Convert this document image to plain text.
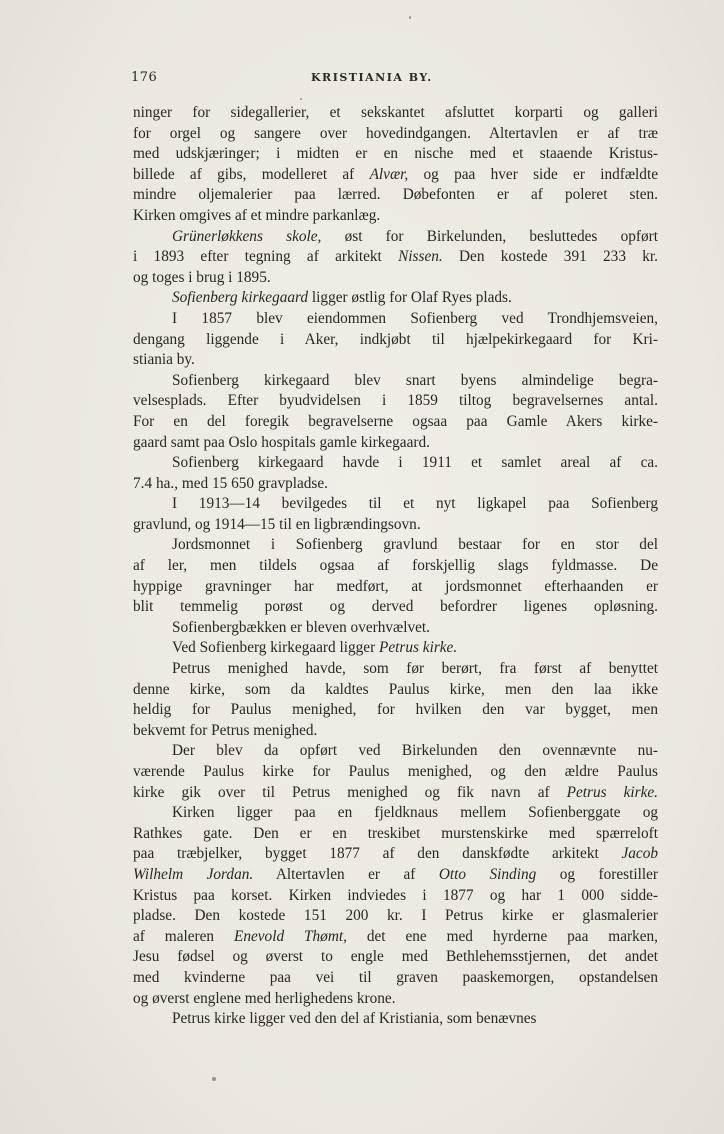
176	KRISTIANIA BY.
ninger for sidegallerier, et sekskantet afsluttet korparti og galleri
for orgel og sangere over hovedindgangen. Altertavlen er af træ
med udskjæringer; i midten er en nische med et staaende Kristus-
billede af gibs, modelleret af Alvær, og paa hver side er indfældte
mindre oljemalerier paa lærred. Døbefonten er af poleret sten.
Kirken omgives af et mindre parkanlæg.
Grünerløkkens skole, øst for Birkelunden, besluttedes opført
i 1893 efter tegning af arkitekt Nissen. Den kostede 391 233 kr.
og toges i brug i 1895.
Sofienberg kirkegaard ligger østlig for Olaf Ryes plads.
I 1857 blev eiendommen Sofienberg ved Trondhjemsveien,
dengang liggende i Aker, indkjøbt til hjælpekirkegaard for Kri-
stiania by.
Sofienberg kirkegaard blev snart byens almindelige begra-
velsesplads. Efter byudvidelsen i 1859 tiltog begravelsernes antal.
For en del foregik begravelserne ogsaa paa Gamle Akers kirke-
gaard samt paa Oslo hospitals gamle kirkegaard.
Sofienberg kirkegaard havde i 1911 et samlet areal af ca.
7.4 ha., med 15 650 gravpladse.
I 1913—14 bevilgedes til et nyt ligkapel paa Sofienberg
gravlund, og 1914—15 til en ligbrændingsovn.
Jordsmonnet i Sofienberg gravlund bestaar for en stor del
af ler, men tildels ogsaa af forskjellig slags fyldmasse. De
hyppige gravninger har medført, at jordsmonnet efterhaanden er
blit temmelig porøst og derved befordrer ligenes opløsning.
Sofienbergbækken er bleven overhvælvet.
Ved Sofienberg kirkegaard ligger Petrus kirke.
Petrus menighed havde, som før berørt, fra først af benyttet
denne kirke, som da kaldtes Paulus kirke, men den laa ikke
heldig for Paulus menighed, for hvilken den var bygget, men
bekvemt for Petrus menighed.
Der blev da opført ved Birkelunden den ovennævnte nu-
værende Paulus kirke for Paulus menighed, og den ældre Paulus
kirke gik over til Petrus menighed og fik navn af Petrus kirke.
Kirken ligger paa en fjeldknaus mellem Sofienberggate og
Rathkes gate. Den er en treskibet murstenskirke med spærreloft
paa træbjelker, bygget 1877 af den danskfødte arkitekt Jacob
Wilhelm Jordan. Altertavlen er af Otto Sinding og forestiller
Kristus paa korset. Kirken indviedes i 1877 og har 1 000 sidde-
pladse. Den kostede 151 200 kr. I Petrus kirke er glasmalerier
af maleren Enevold Thømt, det ene med hyrderne paa marken,
Jesu fødsel og øverst to engle med Bethlehemsstjernen, det andet
med kvinderne paa vei til graven paaskemorgen, opstandelsen
og øverst englene med herlighedens krone.
Petrus kirke ligger ved den del af Kristiania, som benævnes
